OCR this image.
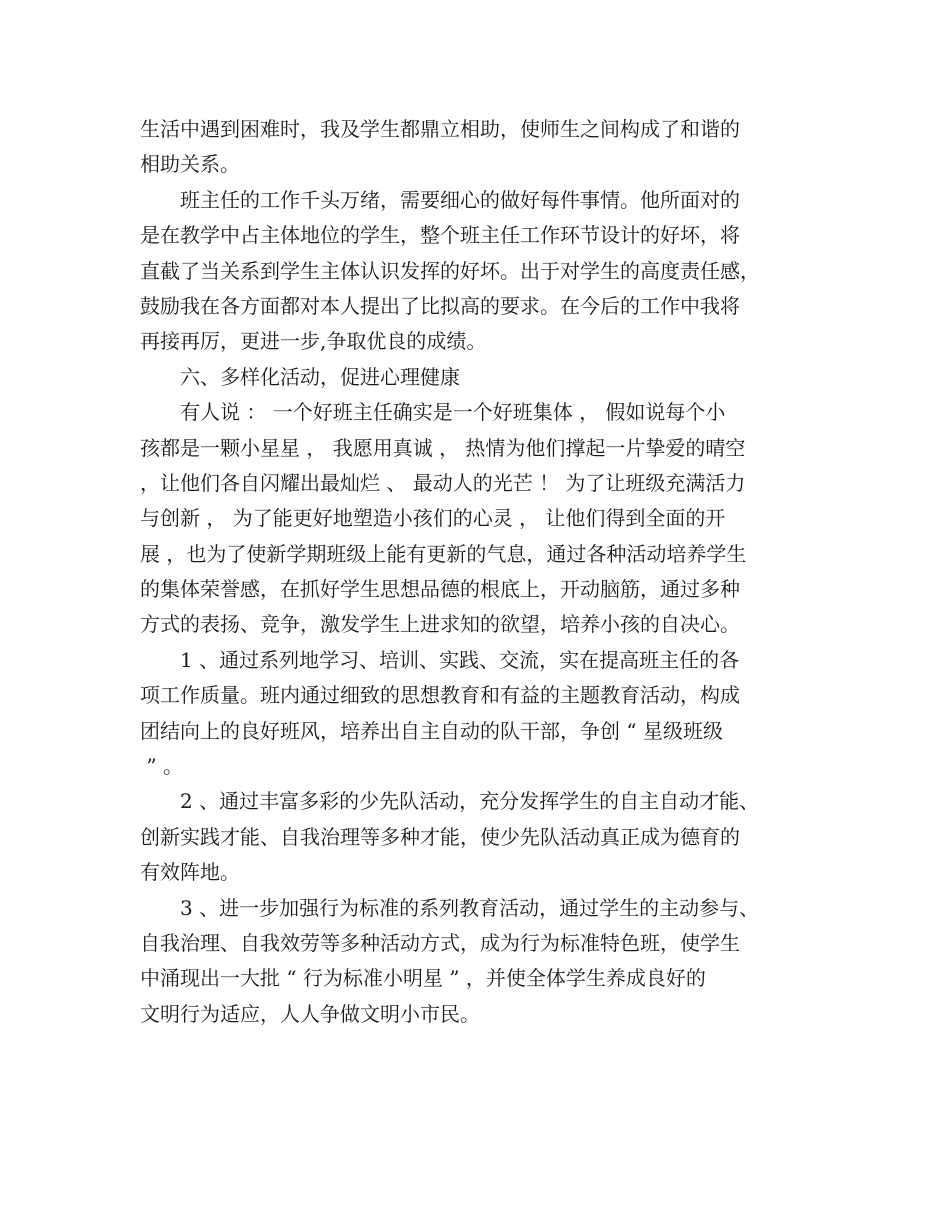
生活中遇到困难时，我及学生都鼎立相助，使师生之间构成了和谐的
相助关系。
　　班主任的工作千头万绪，需要细心的做好每件事情。他所面对的
是在教学中占主体地位的学生，整个班主任工作环节设计的好坏，将
直截了当关系到学生主体认识发挥的好坏。出于对学生的高度责任感，
鼓励我在各方面都对本人提出了比拟高的要求。在今后的工作中我将
再接再厉，更进一步,争取优良的成绩。
　　六、多样化活动，促进心理健康
　　有人说 ： 一个好班主任确实是一个好班集体 ， 假如说每个小
孩都是一颗小星星 ， 我愿用真诚 ， 热情为他们撑起一片挚爱的晴空
，让他们各自闪耀出最灿烂 、 最动人的光芒 ！ 为了让班级充满活力
与创新 ， 为了能更好地塑造小孩们的心灵 ， 让他们得到全面的开
展 ，也为了使新学期班级上能有更新的气息，通过各种活动培养学生
的集体荣誉感，在抓好学生思想品德的根底上，开动脑筋，通过多种
方式的表扬、竞争，激发学生上进求知的欲望，培养小孩的自决心。
　　1 、通过系列地学习、培训、实践、交流，实在提高班主任的各
项工作质量。班内通过细致的思想教育和有益的主题教育活动，构成
团结向上的良好班风，培养出自主自动的队干部，争创 “ 星级班级
” 。
　　2 、通过丰富多彩的少先队活动，充分发挥学生的自主自动才能、
创新实践才能、自我治理等多种才能，使少先队活动真正成为德育的
有效阵地。
　　3 、进一步加强行为标准的系列教育活动，通过学生的主动参与、
自我治理、自我效劳等多种活动方式，成为行为标准特色班，使学生
中涌现出一大批 “ 行为标准小明星 ” ，并使全体学生养成良好的
文明行为适应，人人争做文明小市民。
